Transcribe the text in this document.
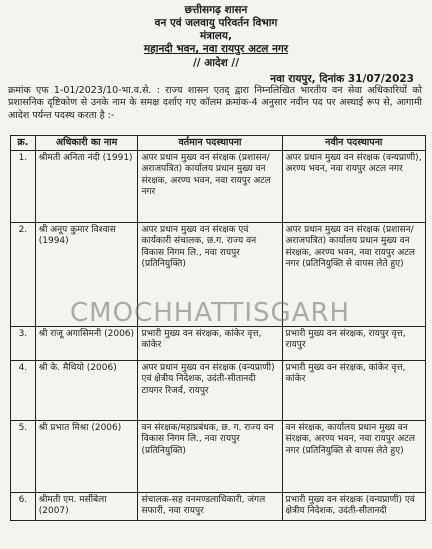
छत्तीसगढ़ शासन
वन एवं जलवायु परिवर्तन विभाग
मंत्रालय,
महानदी भवन, नवा रायपुर अटल नगर
// आदेश //
नवा रायपुर, दिनांक 31/07/2023
क्रमांक एफ 1-01/2023/10-भा.व.से. : राज्य शासन एतद् द्वारा निम्नलिखित भारतीय वन सेवा अधिकारियों को प्रशासनिक दृष्टिकोण से उनके नाम के समक्ष दर्शाए गए कॉलम क्रमांक-4 अनुसार नवीन पद पर अस्थाई रूप से, आगामी आदेश पर्यन्त पदस्थ करता है :-
क्र.	अधिकारी का नाम	वर्तमान पदस्थापना	नवीन पदस्थापना
1.	श्रीमती अनिता नंदी (1991)	अपर प्रधान मुख्य वन संरक्षक (प्रशासन/ अराजपत्रित) कार्यालय प्रधान मुख्य वन संरक्षक, अरण्य भवन, नवा रायपुर अटल नगर	अपर प्रधान मुख्य वन संरक्षक (वन्यप्राणी), अरण्य भवन, नवा रायपुर अटल नगर
2.	श्री अनूप कुमार विश्वास (1994)	अपर प्रधान मुख्य वन संरक्षक एवं कार्यकारी संचालक, छ.ग. राज्य वन विकास निगम लि., नवा रायपुर (प्रतिनियुक्ति)	अपर प्रधान मुख्य वन संरक्षक (प्रशासन/ अराजपत्रित) कार्यालय प्रधान मुख्य वन संरक्षक, अरण्य भवन, नवा रायपुर अटल नगर (प्रतिनियुक्ति से वापस लेते हुए)
3.	श्री राजू अगासिमनी (2006)	प्रभारी मुख्य वन संरक्षक, कांकेर वृत्त, कांकेर	प्रभारी मुख्य वन संरक्षक, रायपुर वृत्त, रायपुर
4.	श्री के. मैथियो (2006)	अपर प्रधान मुख्य वन संरक्षक (वन्यप्राणी) एवं क्षेत्रीय निदेशक, उदंती-सीतानदी टायगर रिजर्व, रायपुर	प्रभारी मुख्य वन संरक्षक, कांकेर वृत्त, कांकेर
5.	श्री प्रभात मिश्रा (2006)	वन संरक्षक/महाप्रबंधक, छ. ग. राज्य वन विकास निगम लि., नवा रायपुर (प्रतिनियुक्ति)	वन संरक्षक, कार्यालय प्रधान मुख्य वन संरक्षक, अरण्य भवन, नवा रायपुर अटल नगर (प्रतिनियुक्ति से वापस लेते हुए)
6.	श्रीमती एम. मर्सीबेला (2007)	संचालक-सह वनमण्डलाधिकारी, जंगल सफारी, नवा रायपुर	प्रभारी मुख्य वन संरक्षक (वन्यप्राणी) एवं क्षेत्रीय निदेशक, उदंती-सीतानदी
CMOCHHATTISGARH
